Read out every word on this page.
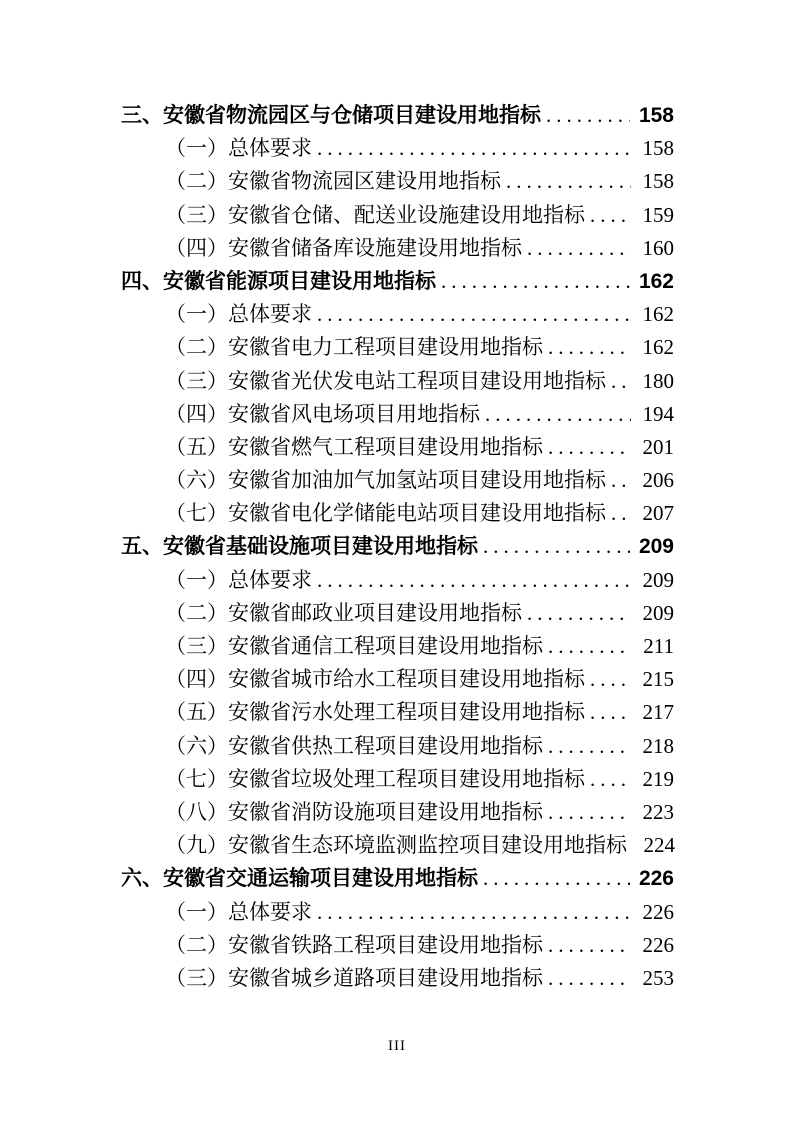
三、安徽省物流园区与仓储项目建设用地指标 .....	158
（一）总体要求 .....	158
（二）安徽省物流园区建设用地指标 .....	158
（三）安徽省仓储、配送业设施建设用地指标 .....	159
（四）安徽省储备库设施建设用地指标 .....	160
四、安徽省能源项目建设用地指标 .....	162
（一）总体要求 .....	162
（二）安徽省电力工程项目建设用地指标 .....	162
（三）安徽省光伏发电站工程项目建设用地指标 ..... 180
（四）安徽省风电场项目用地指标 .....	194
（五）安徽省燃气工程项目建设用地指标 .....	201
（六）安徽省加油加气加氢站项目建设用地指标 ..... 206
（七）安徽省电化学储能电站项目建设用地指标 ..... 207
五、安徽省基础设施项目建设用地指标 .....	209
（一）总体要求 .....	209
（二）安徽省邮政业项目建设用地指标 .....	209
（三）安徽省通信工程项目建设用地指标 .....	211
（四）安徽省城市给水工程项目建设用地指标 .....	215
（五）安徽省污水处理工程项目建设用地指标 .....	217
（六）安徽省供热工程项目建设用地指标 .....	218
（七）安徽省垃圾处理工程项目建设用地指标 .....	219
（八）安徽省消防设施项目建设用地指标 .....	223
（九）安徽省生态环境监测监控项目建设用地指标 224
六、安徽省交通运输项目建设用地指标 .....	226
（一）总体要求 .....	226
（二）安徽省铁路工程项目建设用地指标 .....	226
（三）安徽省城乡道路项目建设用地指标 .....	253
III
